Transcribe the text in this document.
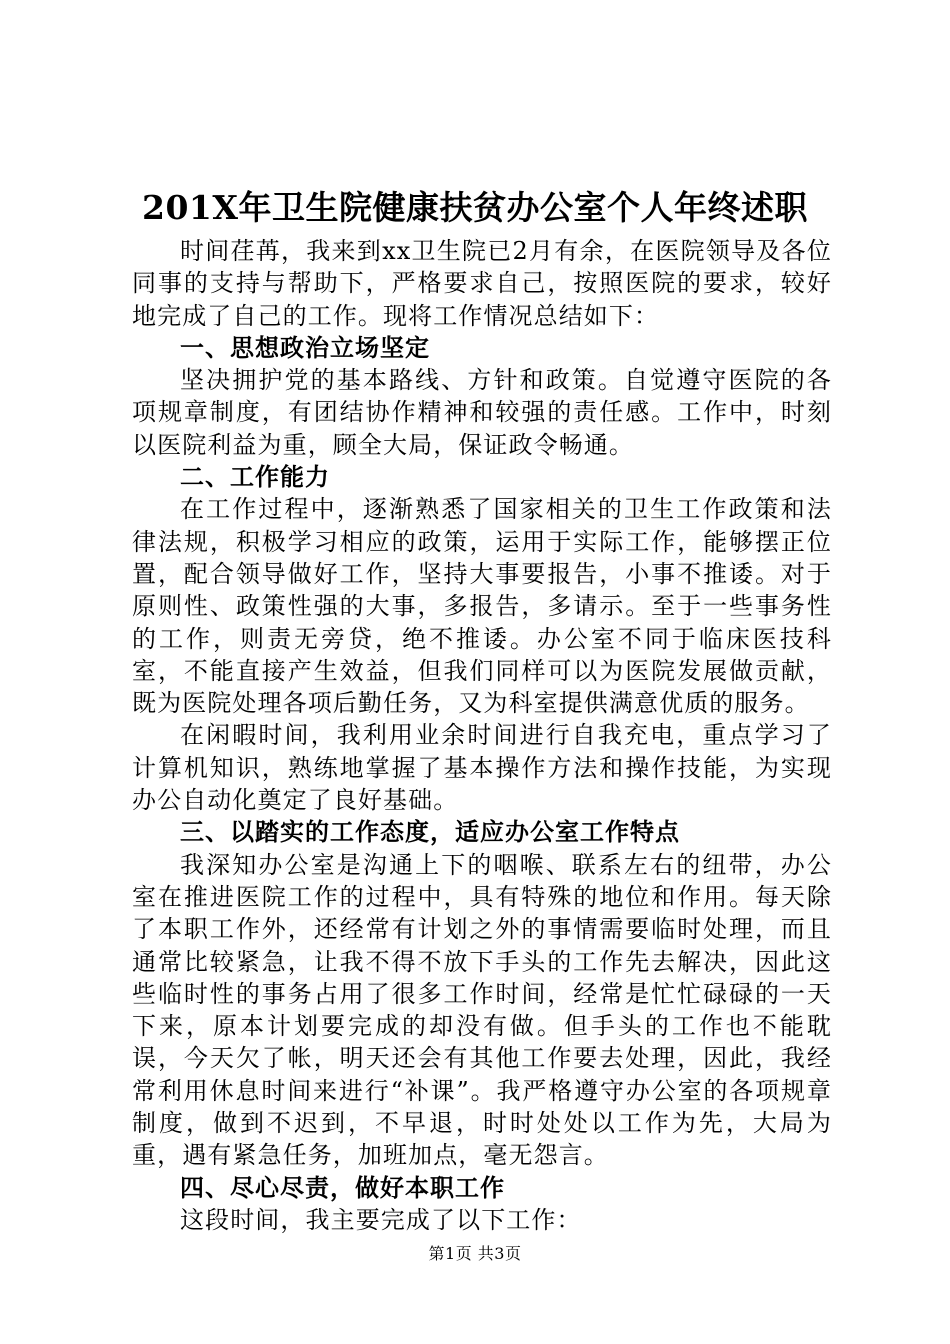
201X年卫生院健康扶贫办公室个人年终述职

时间荏苒，我来到xx卫生院已2月有余，在医院领导及各位同事的支持与帮助下，严格要求自己，按照医院的要求，较好地完成了自己的工作。现将工作情况总结如下：

一、思想政治立场坚定

坚决拥护党的基本路线、方针和政策。自觉遵守医院的各项规章制度，有团结协作精神和较强的责任感。工作中，时刻以医院利益为重，顾全大局，保证政令畅通。

二、工作能力

在工作过程中，逐渐熟悉了国家相关的卫生工作政策和法律法规，积极学习相应的政策，运用于实际工作，能够摆正位置，配合领导做好工作，坚持大事要报告，小事不推诿。对于原则性、政策性强的大事，多报告，多请示。至于一些事务性的工作，则责无旁贷，绝不推诿。办公室不同于临床医技科室，不能直接产生效益，但我们同样可以为医院发展做贡献，既为医院处理各项后勤任务，又为科室提供满意优质的服务。

在闲暇时间，我利用业余时间进行自我充电，重点学习了计算机知识，熟练地掌握了基本操作方法和操作技能，为实现办公自动化奠定了良好基础。

三、以踏实的工作态度，适应办公室工作特点

我深知办公室是沟通上下的咽喉、联系左右的纽带，办公室在推进医院工作的过程中，具有特殊的地位和作用。每天除了本职工作外，还经常有计划之外的事情需要临时处理，而且通常比较紧急，让我不得不放下手头的工作先去解决，因此这些临时性的事务占用了很多工作时间，经常是忙忙碌碌的一天下来，原本计划要完成的却没有做。但手头的工作也不能耽误，今天欠了帐，明天还会有其他工作要去处理，因此，我经常利用休息时间来进行“补课”。我严格遵守办公室的各项规章制度，做到不迟到，不早退，时时处处以工作为先，大局为重，遇有紧急任务，加班加点，毫无怨言。

四、尽心尽责，做好本职工作

这段时间，我主要完成了以下工作：

第1页 共3页
